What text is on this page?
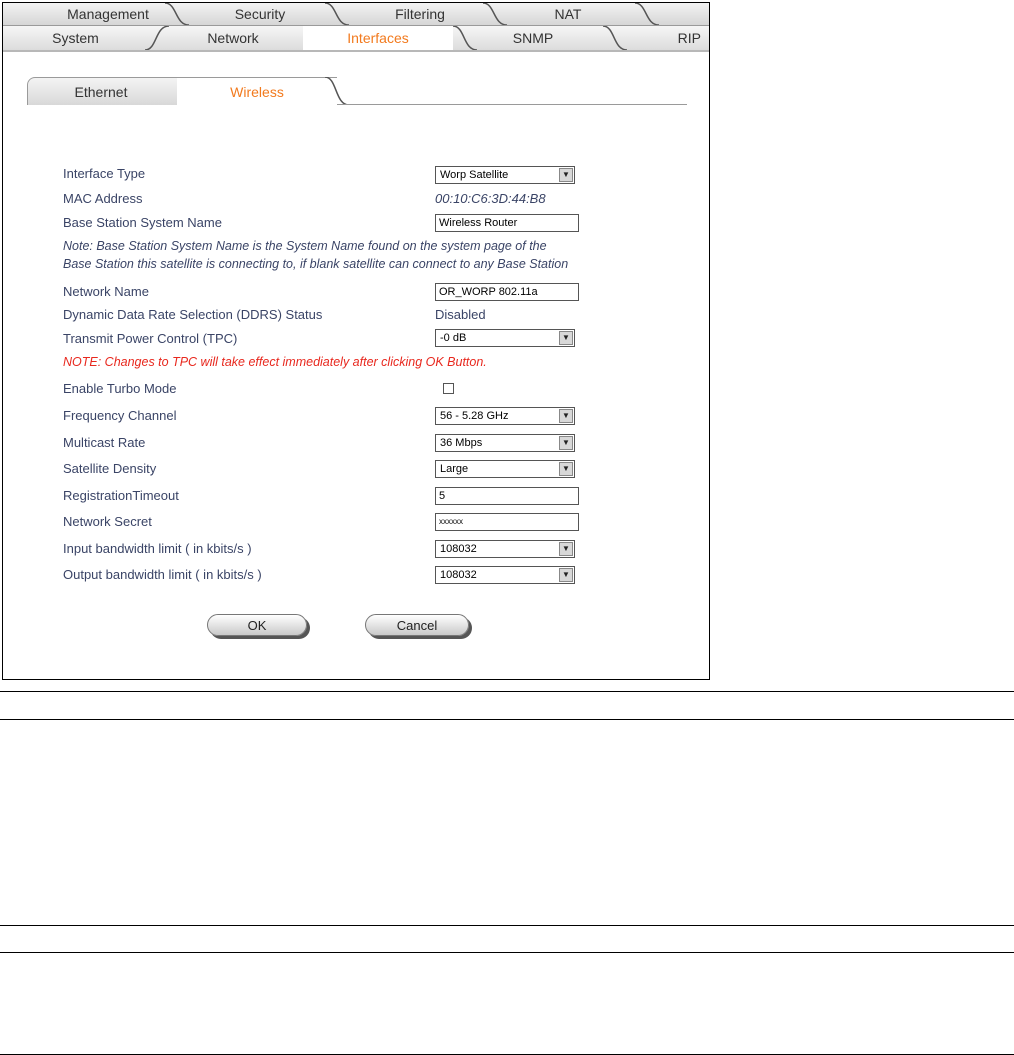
Management	Security	Filtering	NAT
System	Network	Interfaces	SNMP	RIP
Ethernet	Wireless
Interface Type	Worp Satellite	▼
MAC Address	00:10:C6:3D:44:B8
Base Station System Name	Wireless Router
Note: Base Station System Name is the System Name found on the system page of the
Base Station this satellite is connecting to, if blank satellite can connect to any Base Station
Network Name	OR_WORP 802.11a
Dynamic Data Rate Selection (DDRS) Status	Disabled
Transmit Power Control (TPC)	-0 dB	▼
NOTE: Changes to TPC will take effect immediately after clicking OK Button.
Enable Turbo Mode
Frequency Channel	56 - 5.28 GHz	▼
Multicast Rate	36 Mbps	▼
Satellite Density	Large	▼
RegistrationTimeout	5
Network Secret	xxxxxx
Input bandwidth limit ( in kbits/s )	108032	▼
Output bandwidth limit ( in kbits/s )	108032	▼
OK	Cancel
